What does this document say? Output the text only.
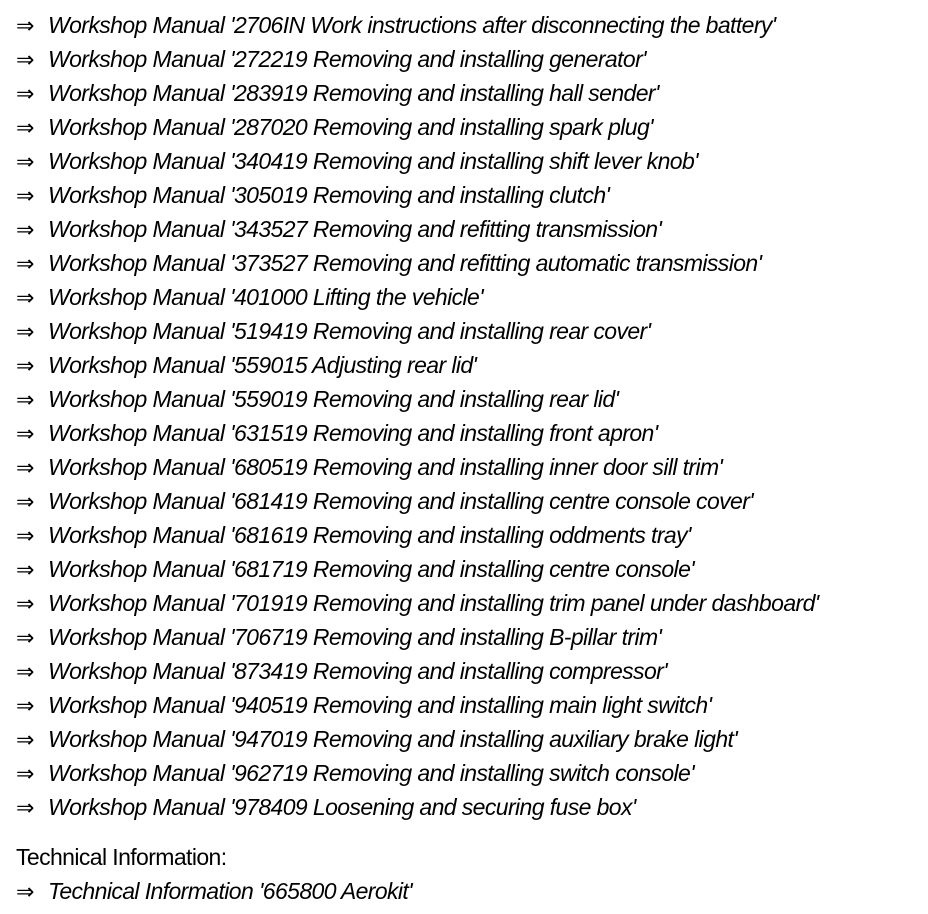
⇒ Workshop Manual '2706IN Work instructions after disconnecting the battery'
⇒ Workshop Manual '272219 Removing and installing generator'
⇒ Workshop Manual '283919 Removing and installing hall sender'
⇒ Workshop Manual '287020 Removing and installing spark plug'
⇒ Workshop Manual '340419 Removing and installing shift lever knob'
⇒ Workshop Manual '305019 Removing and installing clutch'
⇒ Workshop Manual '343527 Removing and refitting transmission'
⇒ Workshop Manual '373527 Removing and refitting automatic transmission'
⇒ Workshop Manual '401000 Lifting the vehicle'
⇒ Workshop Manual '519419 Removing and installing rear cover'
⇒ Workshop Manual '559015 Adjusting rear lid'
⇒ Workshop Manual '559019 Removing and installing rear lid'
⇒ Workshop Manual '631519 Removing and installing front apron'
⇒ Workshop Manual '680519 Removing and installing inner door sill trim'
⇒ Workshop Manual '681419 Removing and installing centre console cover'
⇒ Workshop Manual '681619 Removing and installing oddments tray'
⇒ Workshop Manual '681719 Removing and installing centre console'
⇒ Workshop Manual '701919 Removing and installing trim panel under dashboard'
⇒ Workshop Manual '706719 Removing and installing B-pillar trim'
⇒ Workshop Manual '873419 Removing and installing compressor'
⇒ Workshop Manual '940519 Removing and installing main light switch'
⇒ Workshop Manual '947019 Removing and installing auxiliary brake light'
⇒ Workshop Manual '962719 Removing and installing switch console'
⇒ Workshop Manual '978409 Loosening and securing fuse box'
Technical Information:
⇒ Technical Information '665800 Aerokit'
